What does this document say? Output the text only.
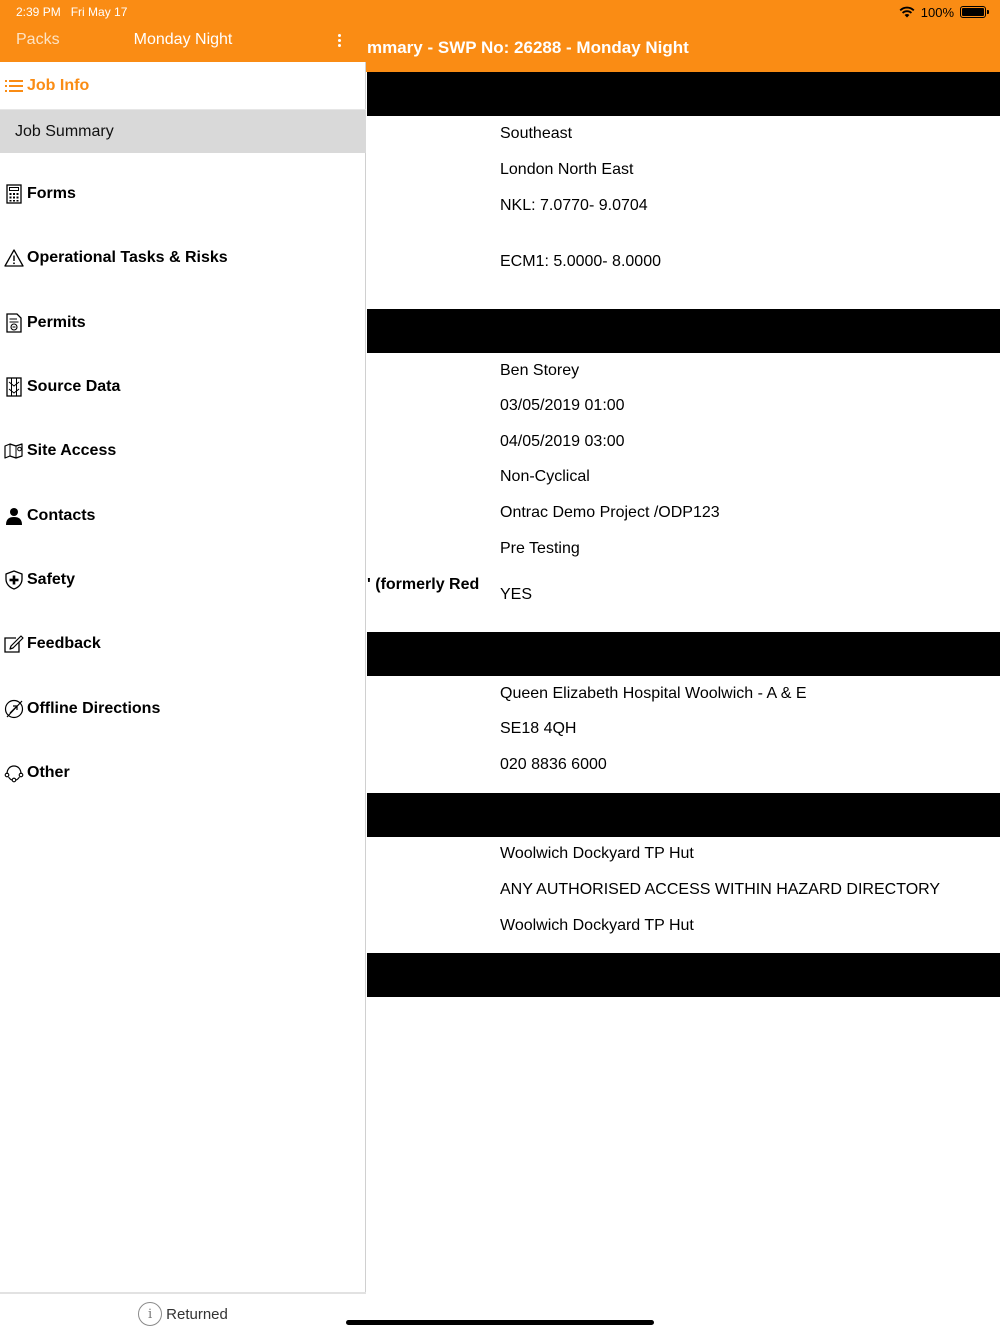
100%
mmary - SWP No: 26288 - Monday Night
Southeast
London North East
NKL: 7.0770- 9.0704
ECM1: 5.0000- 8.0000
Ben Storey
03/05/2019 01:00
04/05/2019 03:00
Non-Cyclical
Ontrac Demo Project /ODP123
Pre Testing
' (formerly Red
YES
Queen Elizabeth Hospital Woolwich - A & E
SE18 4QH
020 8836 6000
Woolwich Dockyard TP Hut
ANY AUTHORISED ACCESS WITHIN HAZARD DIRECTORY
Woolwich Dockyard TP Hut
2:39 PM Fri May 17
Packs	Monday Night
Job Info
Job Summary
Forms
Operational Tasks & Risks
Permits
Source Data
Site Access
Contacts
Safety
Feedback
Offline Directions
Other
i Returned
